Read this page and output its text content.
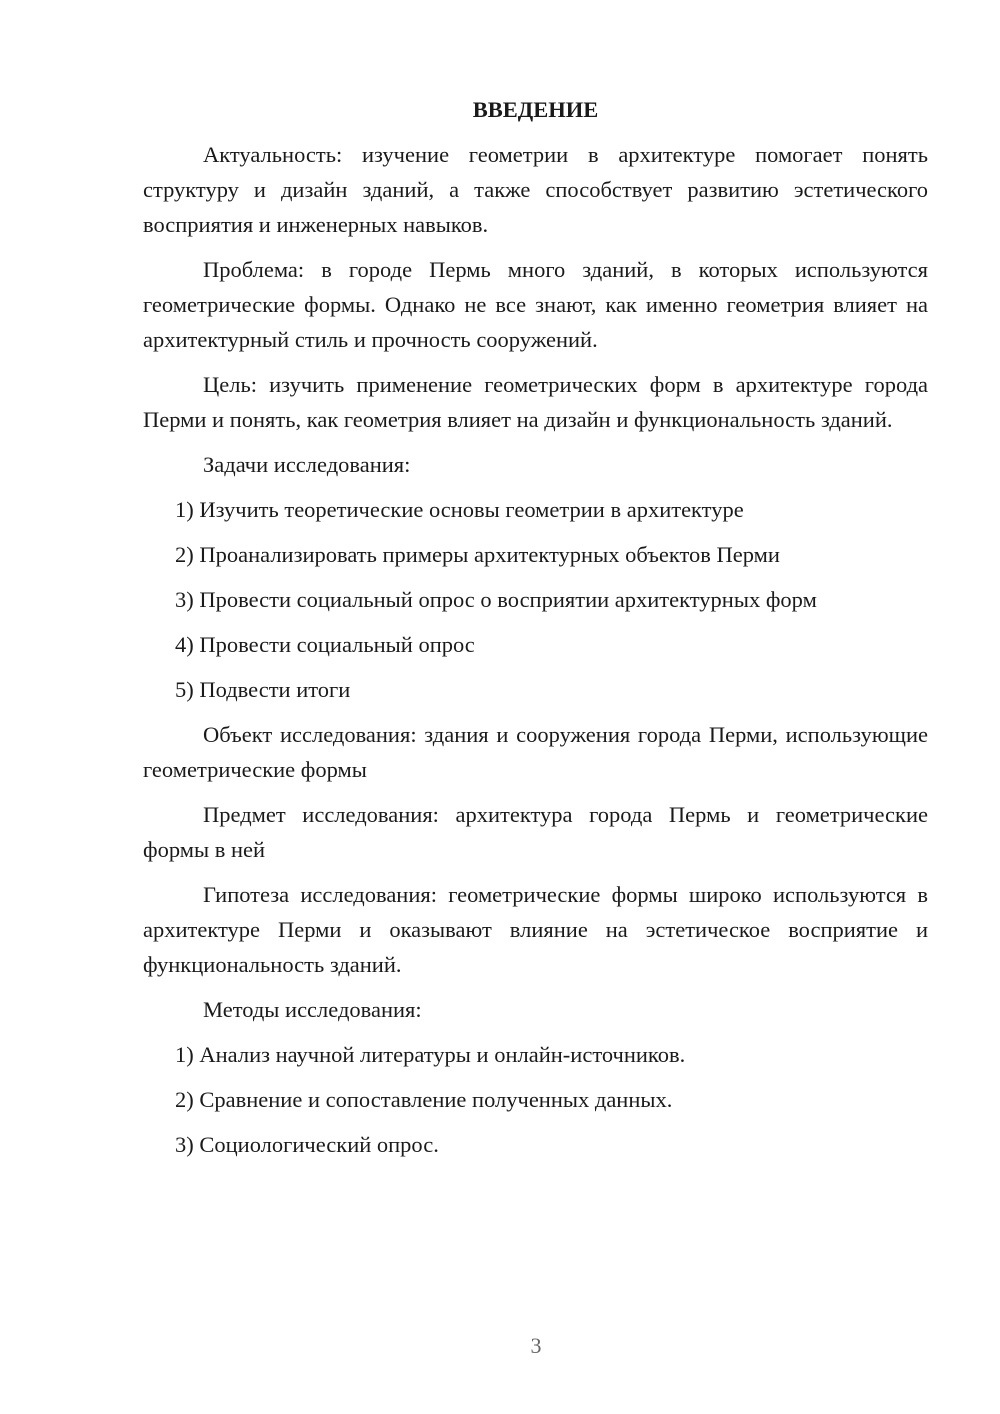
ВВЕДЕНИЕ

Актуальность: изучение геометрии в архитектуре помогает понять структуру и дизайн зданий, а также способствует развитию эстетического восприятия и инженерных навыков.

Проблема: в городе Пермь много зданий, в которых используются геометрические формы. Однако не все знают, как именно геометрия влияет на архитектурный стиль и прочность сооружений.

Цель: изучить применение геометрических форм в архитектуре города Перми и понять, как геометрия влияет на дизайн и функциональность зданий.

Задачи исследования:

1) Изучить теоретические основы геометрии в архитектуре
2) Проанализировать примеры архитектурных объектов Перми
3) Провести социальный опрос о восприятии архитектурных форм
4) Провести социальный опрос
5) Подвести итоги

Объект исследования: здания и сооружения города Перми, использующие геометрические формы

Предмет исследования: архитектура города Пермь и геометрические формы в ней

Гипотеза исследования: геометрические формы широко используются в архитектуре Перми и оказывают влияние на эстетическое восприятие и функциональность зданий.

Методы исследования:

1) Анализ научной литературы и онлайн-источников.
2) Сравнение и сопоставление полученных данных.
3) Социологический опрос.
3
